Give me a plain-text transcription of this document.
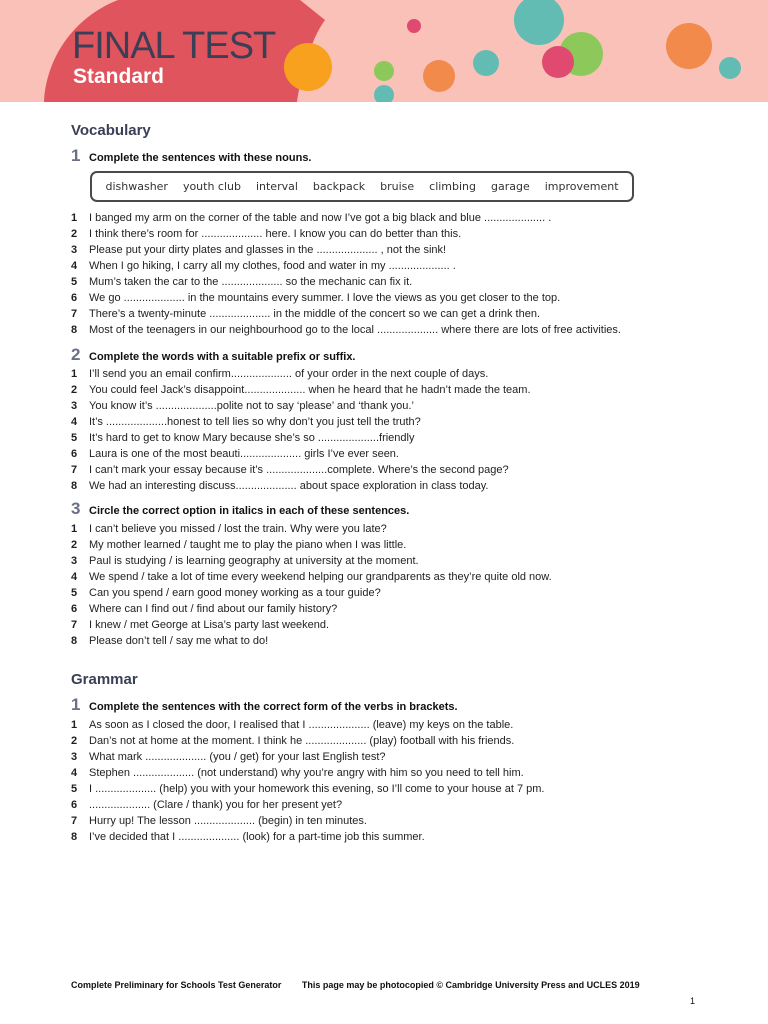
FINAL TEST
Standard
Vocabulary
1 Complete the sentences with these nouns.
dishwasher youth club interval backpack bruise climbing garage improvement
1	I banged my arm on the corner of the table and now I’ve got a big black and blue .................... .
2	I think there’s room for .................... here. I know you can do better than this.
3	Please put your dirty plates and glasses in the .................... , not the sink!
4	When I go hiking, I carry all my clothes, food and water in my .................... .
5	Mum’s taken the car to the .................... so the mechanic can fix it.
6	We go .................... in the mountains every summer. I love the views as you get closer to the top.
7	There’s a twenty-minute .................... in the middle of the concert so we can get a drink then.
8	Most of the teenagers in our neighbourhood go to the local .................... where there are lots of free activities.
2 Complete the words with a suitable prefix or suffix.
1	I’ll send you an email confirm.................... of your order in the next couple of days.
2	You could feel Jack’s disappoint.................... when he heard that he hadn’t made the team.
3	You know it’s ....................polite not to say ‘please’ and ‘thank you.’
4	It’s ....................honest to tell lies so why don’t you just tell the truth?
5	It’s hard to get to know Mary because she’s so ....................friendly
6	Laura is one of the most beauti.................... girls I’ve ever seen.
7	I can’t mark your essay because it’s ....................complete. Where’s the second page?
8	We had an interesting discuss.................... about space exploration in class today.
3 Circle the correct option in italics in each of these sentences.
1	I can’t believe you missed / lost the train. Why were you late?
2	My mother learned / taught me to play the piano when I was little.
3	Paul is studying / is learning geography at university at the moment.
4	We spend / take a lot of time every weekend helping our grandparents as they’re quite old now.
5	Can you spend / earn good money working as a tour guide?
6	Where can I find out / find about our family history?
7	I knew / met George at Lisa’s party last weekend.
8	Please don’t tell / say me what to do!
Grammar
1 Complete the sentences with the correct form of the verbs in brackets.
1	As soon as I closed the door, I realised that I .................... (leave) my keys on the table.
2	Dan’s not at home at the moment. I think he .................... (play) football with his friends.
3	What mark .................... (you / get) for your last English test?
4	Stephen .................... (not understand) why you’re angry with him so you need to tell him.
5	I .................... (help) you with your homework this evening, so I’ll come to your house at 7 pm.
6	.................... (Clare / thank) you for her present yet?
7	Hurry up! The lesson .................... (begin) in ten minutes.
8	I’ve decided that I .................... (look) for a part-time job this summer.
Complete Preliminary for Schools Test Generator This page may be photocopied © Cambridge University Press and UCLES 2019
1
